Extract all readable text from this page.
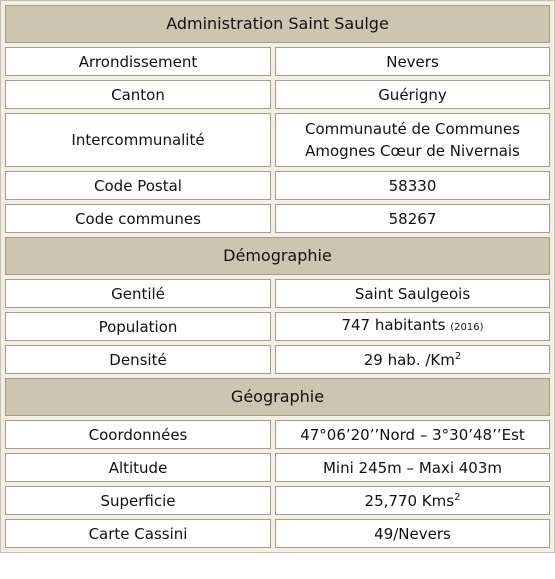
Administration Saint Saulge	
Arrondissement	Nevers
Canton	Guérigny
Intercommunalité	Communauté de Communes
Amognes Cœur de Nivernais

Code Postal	58330
Code communes	58267
Démographie	
Gentilé	Saint Saulgeois
Population	747 habitants (2016)
Densité	29 hab. /Km$^2$
Géographie	
Coordonnées	47°06’20’’Nord – 3°30’48’’Est
Altitude	Mini 245m – Maxi 403m
Superficie	25,770 Kms$^2$
Carte Cassini	49/Nevers
